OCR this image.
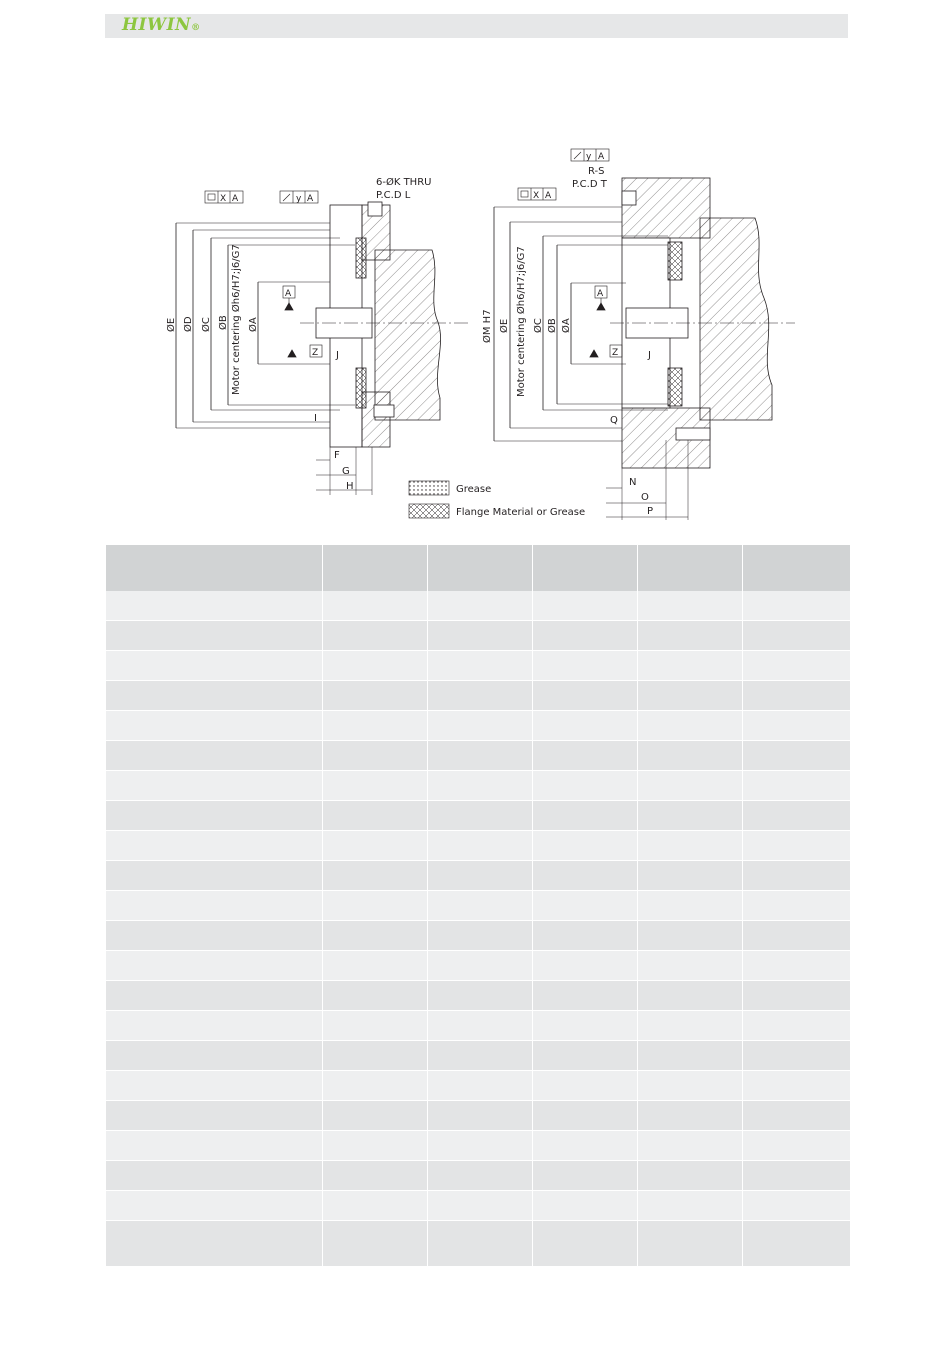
HIWIN®
6-ØK THRU
P.C.D L
X A	y A
Z
A
ØE ØD ØC ØB Motor centering Øh6/H7;j6/G7 ØA
J
I
F
G
H
y A
R-S
P.C.D T
X A
Z
A
ØM H7 ØE Motor centering Øh6/H7;j6/G7 ØC ØB ØA
J
Q
N
O
P
Grease
Flange Material or Grease
